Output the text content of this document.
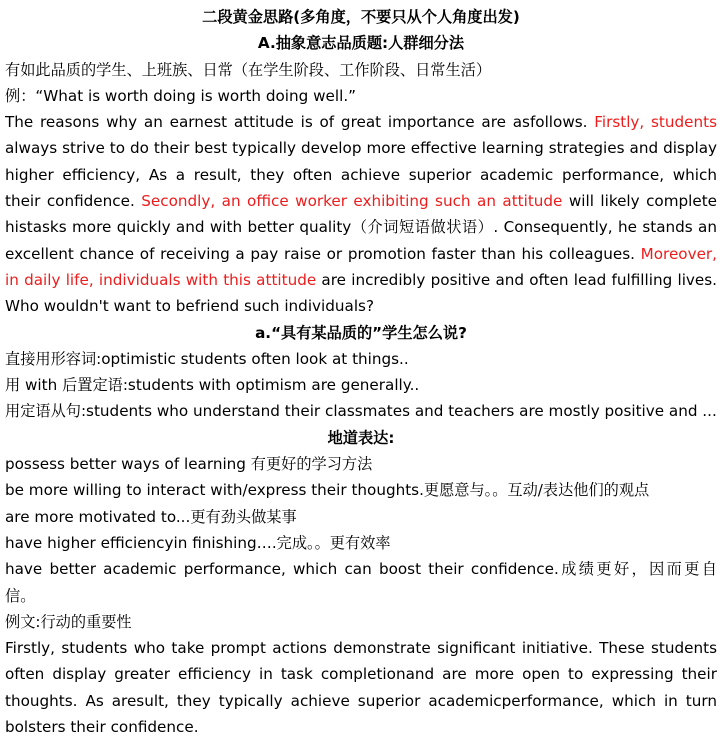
二段黄金思路(多角度，不要只从个人角度出发)
A.抽象意志品质题:人群细分法
有如此品质的学生、上班族、日常（在学生阶段、工作阶段、日常生活）
例：“What is worth doing is worth doing well.”
The reasons why an earnest attitude is of great importance are asfollows. Firstly, students
always strive to do their best typically develop more effective learning strategies and display
higher efficiency, As a result, they often achieve superior academic performance, which
their confidence. Secondly, an office worker exhibiting such an attitude will likely complete
histasks more quickly and with better quality（介词短语做状语）. Consequently, he stands an
excellent chance of receiving a pay raise or promotion faster than his colleagues. Moreover,
in daily life, individuals with this attitude are incredibly positive and often lead fulfilling lives.
Who wouldn't want to befriend such individuals?
a.“具有某品质的”学生怎么说?
直接用形容词:optimistic students often look at things..
用 with 后置定语:students with optimism are generally..
用定语从句:students who understand their classmates and teachers are mostly positive and ...
地道表达:
possess better ways of learning 有更好的学习方法
be more willing to interact with/express their thoughts.更愿意与。。互动/表达他们的观点
are more motivated to...更有劲头做某事
have higher efficiencyin finishing….完成。。更有效率
have better academic performance, which can boost their confidence.成绩更好，因而更自
信。
例文:行动的重要性
Firstly, students who take prompt actions demonstrate significant initiative. These students
often display greater efficiency in task completionand are more open to expressing their
thoughts. As aresult, they typically achieve superior academicperformance, which in turn
bolsters their confidence.
